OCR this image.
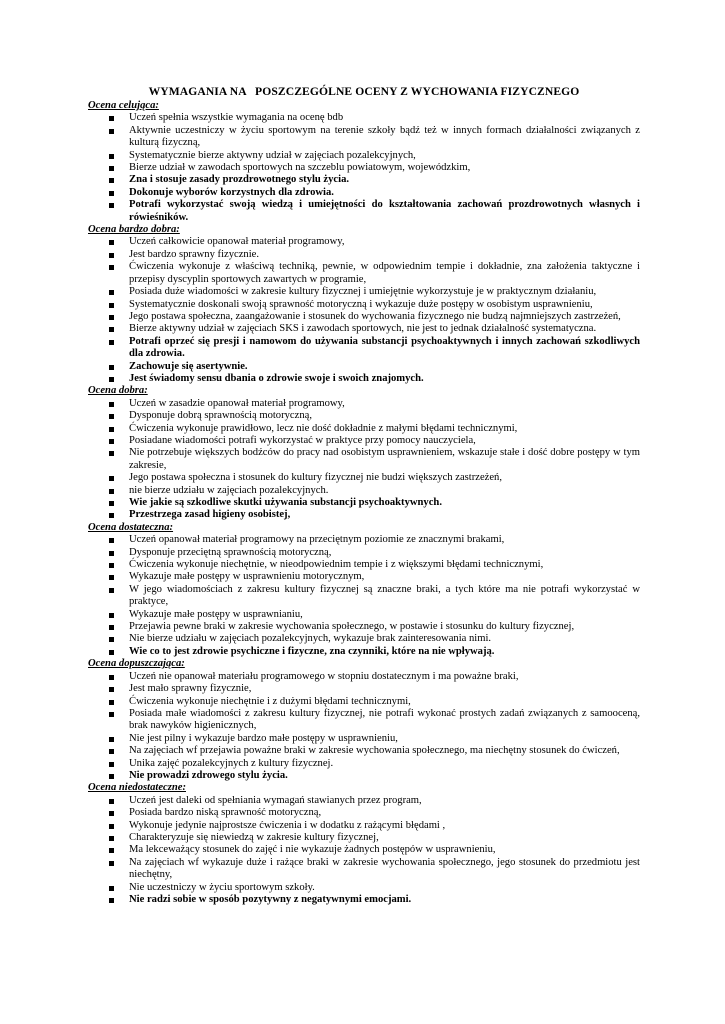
WYMAGANIA NA   POSZCZEGÓLNE OCENY Z WYCHOWANIA FIZYCZNEGO
Ocena celująca:
Uczeń spełnia wszystkie wymagania na ocenę bdb
Aktywnie uczestniczy w życiu sportowym na terenie szkoły bądź też w innych formach działalności związanych z kulturą fizyczną,
Systematycznie bierze aktywny udział w zajęciach pozalekcyjnych,
Bierze udział w zawodach sportowych na szczeblu powiatowym, wojewódzkim,
Zna i stosuje zasady prozdrowotnego stylu życia.
Dokonuje wyborów korzystnych dla zdrowia.
Potrafi wykorzystać swoją wiedzą i umiejętności do kształtowania zachowań prozdrowotnych własnych i rówieśników.
Ocena bardzo dobra:
Uczeń całkowicie opanował materiał programowy,
Jest bardzo sprawny fizycznie.
Ćwiczenia wykonuje z właściwą techniką, pewnie, w odpowiednim tempie i dokładnie, zna założenia taktyczne i przepisy dyscyplin sportowych zawartych w programie,
Posiada duże wiadomości w zakresie kultury fizycznej i umiejętnie wykorzystuje je w praktycznym działaniu,
Systematycznie doskonali swoją sprawność motoryczną i wykazuje duże postępy w osobistym usprawnieniu,
Jego postawa społeczna, zaangażowanie i stosunek do wychowania fizycznego nie budzą najmniejszych zastrzeżeń,
Bierze aktywny udział w zajęciach SKS i zawodach sportowych, nie jest to jednak działalność systematyczna.
Potrafi oprzeć się presji i namowom do używania substancji psychoaktywnych i innych zachowań szkodliwych dla zdrowia.
Zachowuje się asertywnie.
Jest świadomy sensu dbania o zdrowie swoje i swoich znajomych.
Ocena dobra:
Uczeń w zasadzie opanował materiał programowy,
Dysponuje dobrą sprawnością motoryczną,
Ćwiczenia wykonuje prawidłowo, lecz nie dość dokładnie z małymi błędami technicznymi,
Posiadane wiadomości potrafi wykorzystać w praktyce przy pomocy nauczyciela,
Nie potrzebuje większych bodźców do pracy nad osobistym usprawnieniem, wskazuje stałe i dość dobre postępy w tym zakresie,
Jego postawa społeczna i stosunek do kultury fizycznej nie budzi większych zastrzeżeń,
nie bierze udziału w zajęciach pozalekcyjnych.
Wie jakie są szkodliwe skutki używania substancji psychoaktywnych.
Przestrzega zasad higieny osobistej,
Ocena dostateczna:
Uczeń opanował materiał programowy na przeciętnym poziomie ze znacznymi brakami,
Dysponuje przeciętną sprawnością motoryczną,
Ćwiczenia wykonuje niechętnie, w nieodpowiednim tempie i z większymi błędami technicznymi,
Wykazuje małe postępy w usprawnieniu motorycznym,
W jego wiadomościach z zakresu kultury fizycznej są znaczne braki, a tych które ma nie potrafi wykorzystać w praktyce,
Wykazuje małe postępy w usprawnianiu,
Przejawia pewne braki w zakresie wychowania społecznego, w postawie i stosunku do kultury fizycznej,
Nie bierze udziału w zajęciach pozalekcyjnych, wykazuje brak zainteresowania nimi.
Wie co to jest zdrowie psychiczne i fizyczne, zna czynniki, które na nie wpływają.
Ocena dopuszczająca:
Uczeń nie opanował materiału programowego w stopniu dostatecznym i ma poważne braki,
Jest mało sprawny fizycznie,
Ćwiczenia wykonuje niechętnie i z dużymi błędami technicznymi,
Posiada małe wiadomości z zakresu kultury fizycznej, nie potrafi wykonać prostych zadań związanych z samooceną, brak nawyków higienicznych,
Nie jest pilny i wykazuje bardzo małe postępy w usprawnieniu,
Na zajęciach wf przejawia poważne braki w zakresie wychowania społecznego, ma niechętny stosunek do ćwiczeń,
Unika zajęć pozalekcyjnych z kultury fizycznej.
Nie prowadzi zdrowego stylu życia.
Ocena niedostateczne:
Uczeń jest daleki od spełniania wymagań stawianych przez program,
Posiada bardzo niską sprawność motoryczną,
Wykonuje jedynie najprostsze ćwiczenia i w dodatku z rażącymi błędami ,
Charakteryzuje się niewiedzą w zakresie kultury fizycznej,
Ma lekceważący stosunek do zajęć i nie wykazuje żadnych postępów w usprawnieniu,
Na zajęciach wf wykazuje duże i rażące braki w zakresie wychowania społecznego, jego stosunek do przedmiotu jest niechętny,
Nie uczestniczy w życiu sportowym szkoły.
Nie radzi sobie w sposób pozytywny z negatywnymi emocjami.
